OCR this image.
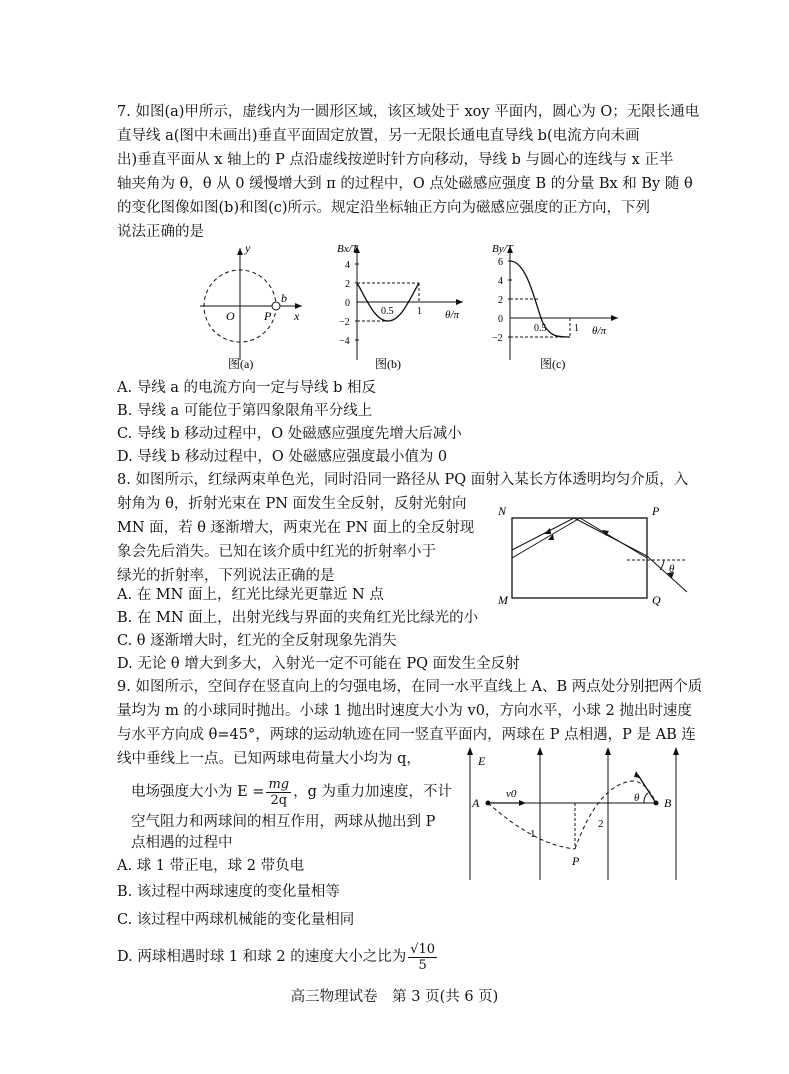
7. 如图(a)甲所示，虚线内为一圆形区域，该区域处于 xoy 平面内，圆心为 O；无限长通电
直导线 a(图中未画出)垂直平面固定放置，另一无限长通电直导线 b(电流方向未画
出)垂直平面从 x 轴上的 P 点沿虚线按逆时针方向移动，导线 b 与圆心的连线与 x 正半
轴夹角为 θ，θ 从 0 缓慢增大到 π 的过程中，O 点处磁感应强度 B 的分量 Bx 和 By 随 θ
的变化图像如图(b)和图(c)所示。规定沿坐标轴正方向为磁感应强度的正方向，下列
说法正确的是
y
x
O P
b
图(a)
Bx/T
θ/π
4
2
0
−2
−4
0.5 1
图(b)
By/T
θ/π
6
4
2
0
−2
0.5	1
图(c)
A. 导线 a 的电流方向一定与导线 b 相反
B. 导线 a 可能位于第四象限角平分线上
C. 导线 b 移动过程中，O 处磁感应强度先增大后减小
D. 导线 b 移动过程中，O 处磁感应强度最小值为 0
8. 如图所示，红绿两束单色光，同时沿同一路径从 PQ 面射入某长方体透明均匀介质，入
射角为 θ，折射光束在 PN 面发生全反射，反射光射向
MN 面，若 θ 逐渐增大，两束光在 PN 面上的全反射现
象会先后消失。已知在该介质中红光的折射率小于
绿光的折射率，下列说法正确的是
A. 在 MN 面上，红光比绿光更靠近 N 点
B. 在 MN 面上，出射光线与界面的夹角红光比绿光的小
C. θ 逐渐增大时，红光的全反射现象先消失
D. 无论 θ 增大到多大，入射光一定不可能在 PQ 面发生全反射
N	P
M	Q
θ
9. 如图所示，空间存在竖直向上的匀强电场，在同一水平直线上 A、B 两点处分别把两个质
量均为 m 的小球同时抛出。小球 1 抛出时速度大小为 v0，方向水平，小球 2 抛出时速度
与水平方向成 θ=45°，两球的运动轨迹在同一竖直平面内，两球在 P 点相遇，P 是 AB 连
线中垂线上一点。已知两球电荷量大小均为 q，
电场强度大小为 $E = \frac{mg}{2q}$ ，g 为重力加速度，不计
空气阻力和两球间的相互作用，两球从抛出到 P
点相遇的过程中
A. 球 1 带正电，球 2 带负电
B. 该过程中两球速度的变化量相等
C. 该过程中两球机械能的变化量相同
D. 两球相遇时球 1 和球 2 的速度大小之比为 $\frac{√10}{5}$
E
A	B
v0
P
1
2
θ
高三物理试卷　第 3 页(共 6 页)
